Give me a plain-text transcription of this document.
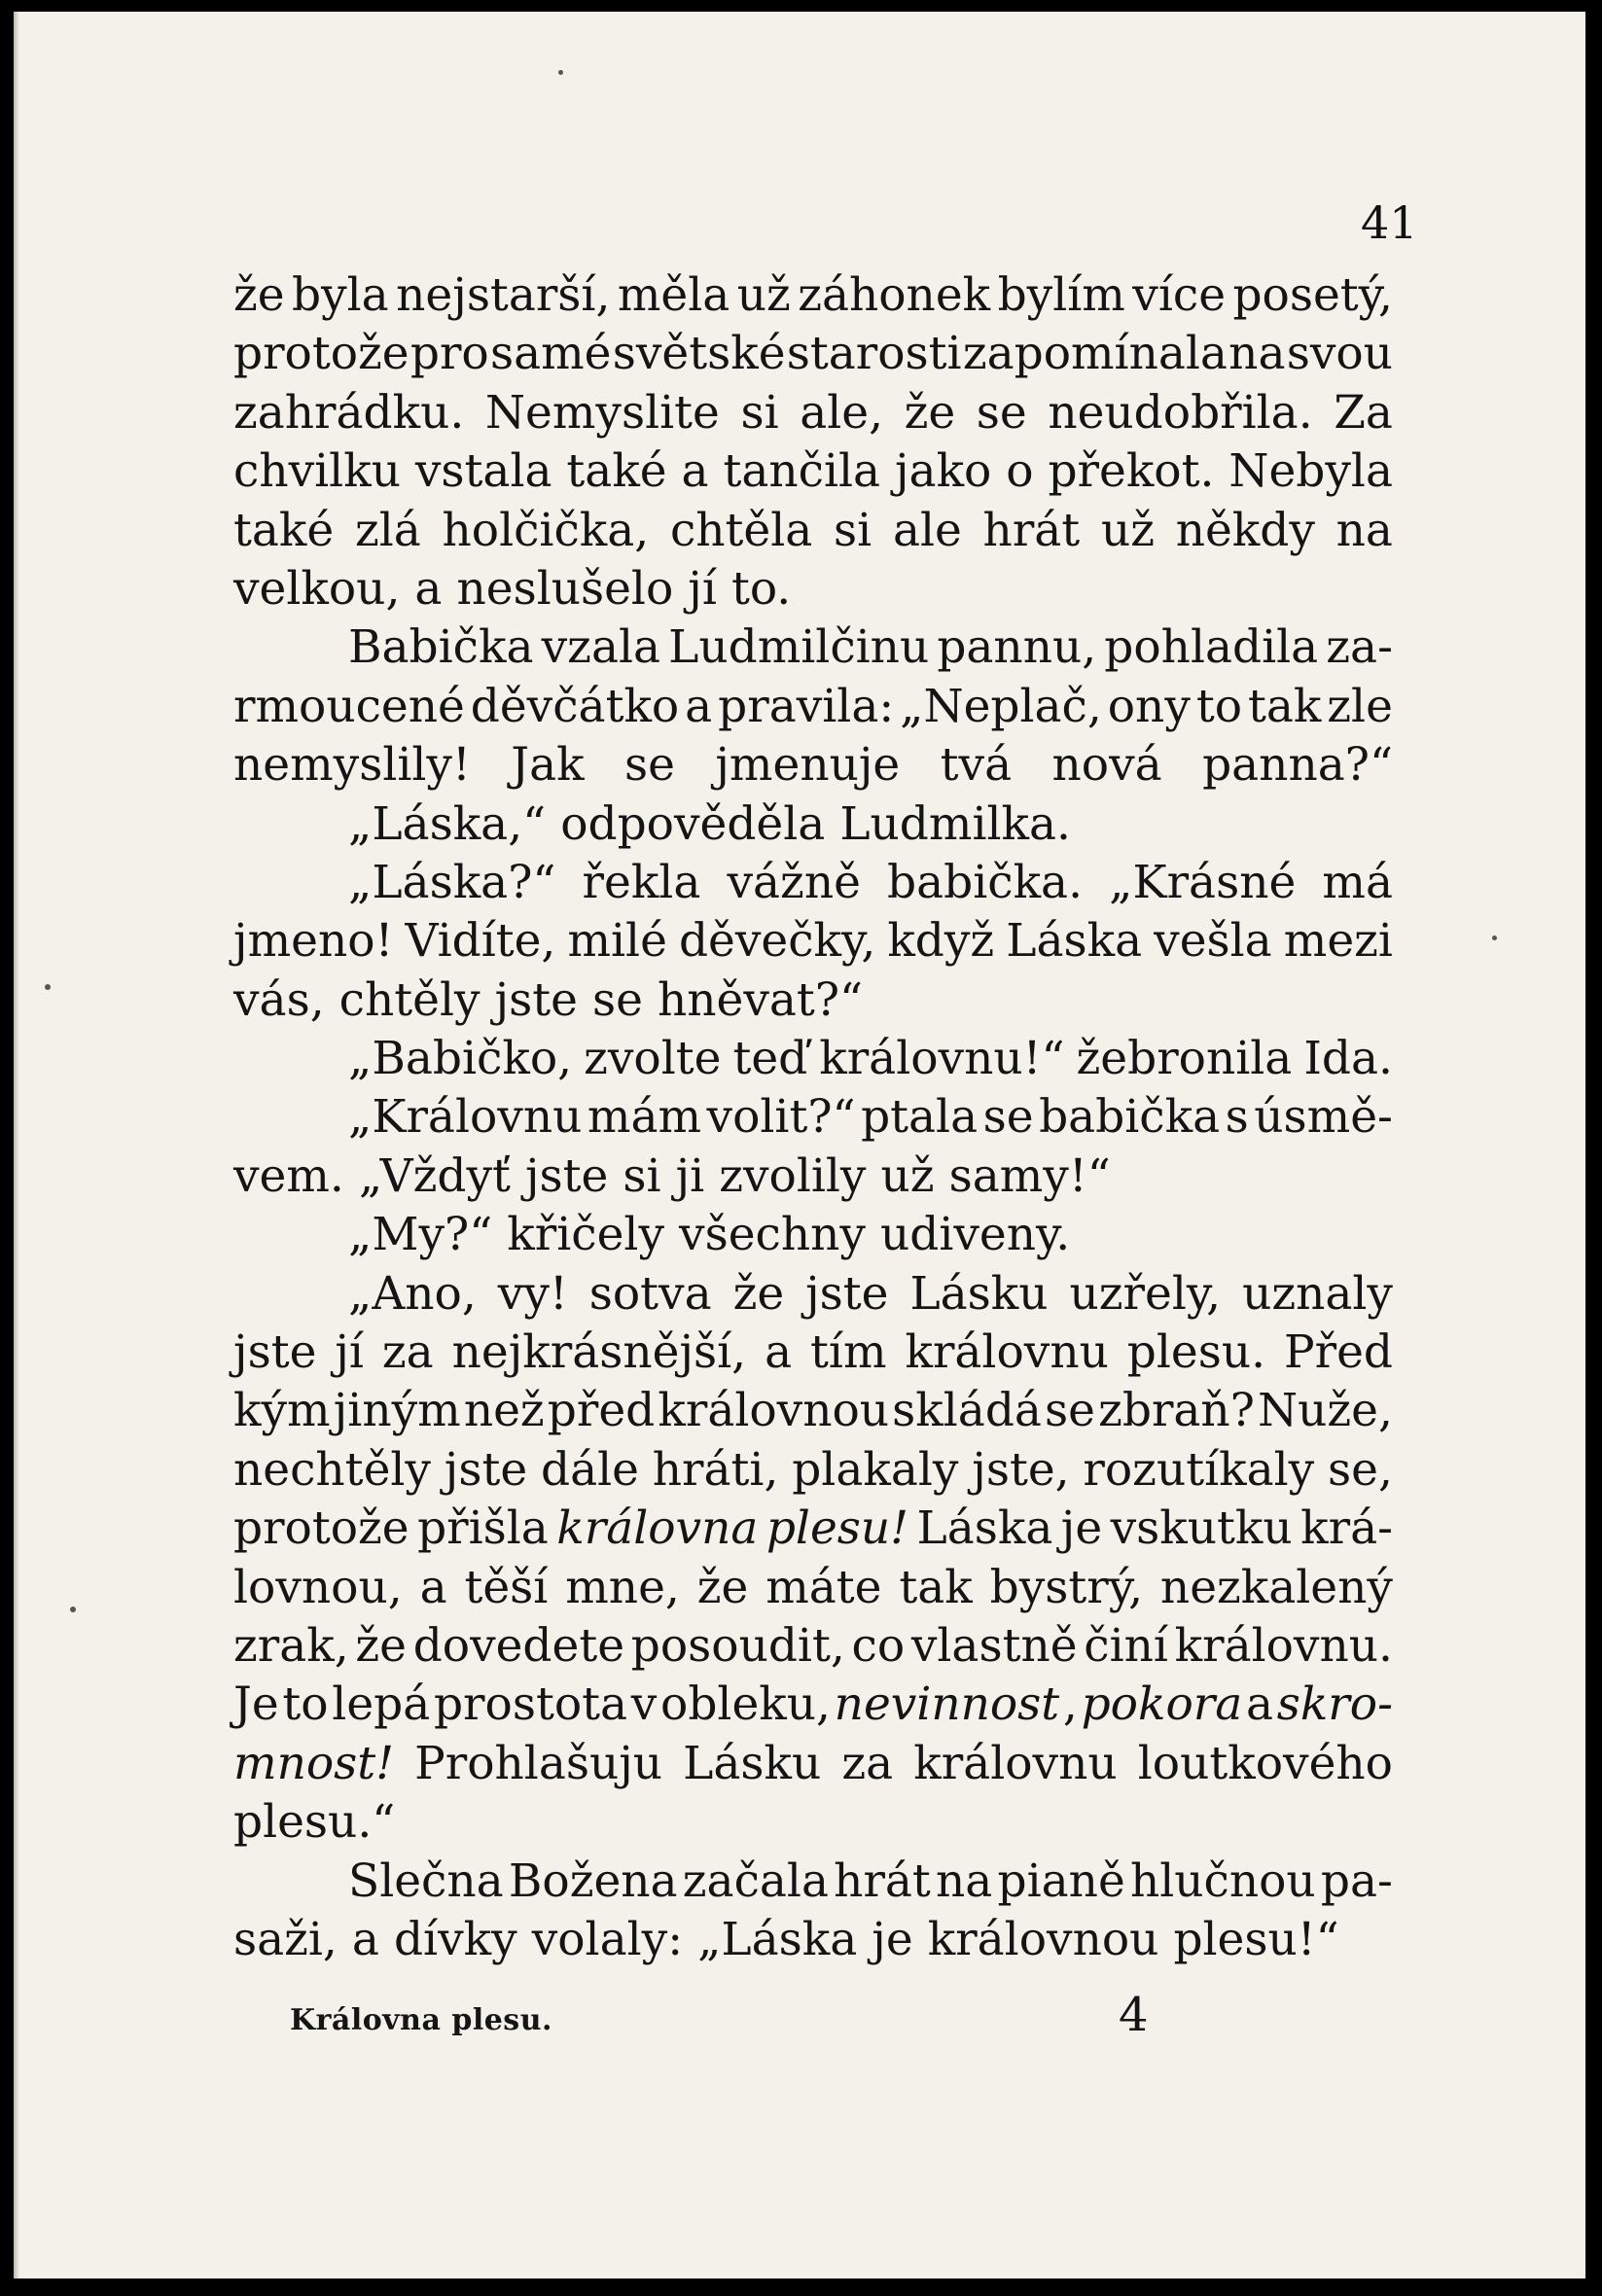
41
že byla nejstarší, měla už záhonek bylím více posetý,
protože pro samé světské starosti zapomínala na svou
zahrádku. Nemyslite si ale, že se neudobřila. Za
chvilku vstala také a tančila jako o překot. Nebyla
také zlá holčička, chtěla si ale hrát už někdy na
velkou, a neslušelo jí to.
Babička vzala Ludmilčinu pannu, pohladila za-
rmoucené děvčátko a pravila: „Neplač, ony to tak zle
nemyslily! Jak se jmenuje tvá nová panna?“
„Láska,“ odpověděla Ludmilka.
„Láska?“ řekla vážně babička. „Krásné má
jmeno! Vidíte, milé děvečky, když Láska vešla mezi
vás, chtěly jste se hněvat?“
„Babičko, zvolte teď královnu!“ žebronila Ida.
„Královnu mám volit?“ ptala se babička s úsmě-
vem. „Vždyť jste si ji zvolily už samy!“
„My?“ křičely všechny udiveny.
„Ano, vy! sotva že jste Lásku uzřely, uznaly
jste jí za nejkrásnější, a tím královnu plesu. Před
kým jiným než před královnou skládá se zbraň? Nuže,
nechtěly jste dále hráti, plakaly jste, rozutíkaly se,
protože přišla královna plesu! Láska je vskutku krá-
lovnou, a těší mne, že máte tak bystrý, nezkalený
zrak, že dovedete posoudit, co vlastně činí královnu.
Je to lepá prostota v obleku, nevinnost , pokora a skro-
mnost! Prohlašuju Lásku za královnu loutkového
plesu.“
Slečna Božena začala hrát na pianě hlučnou pa-
saži, a dívky volaly: „Láska je královnou plesu!“
Královna plesu.	4
